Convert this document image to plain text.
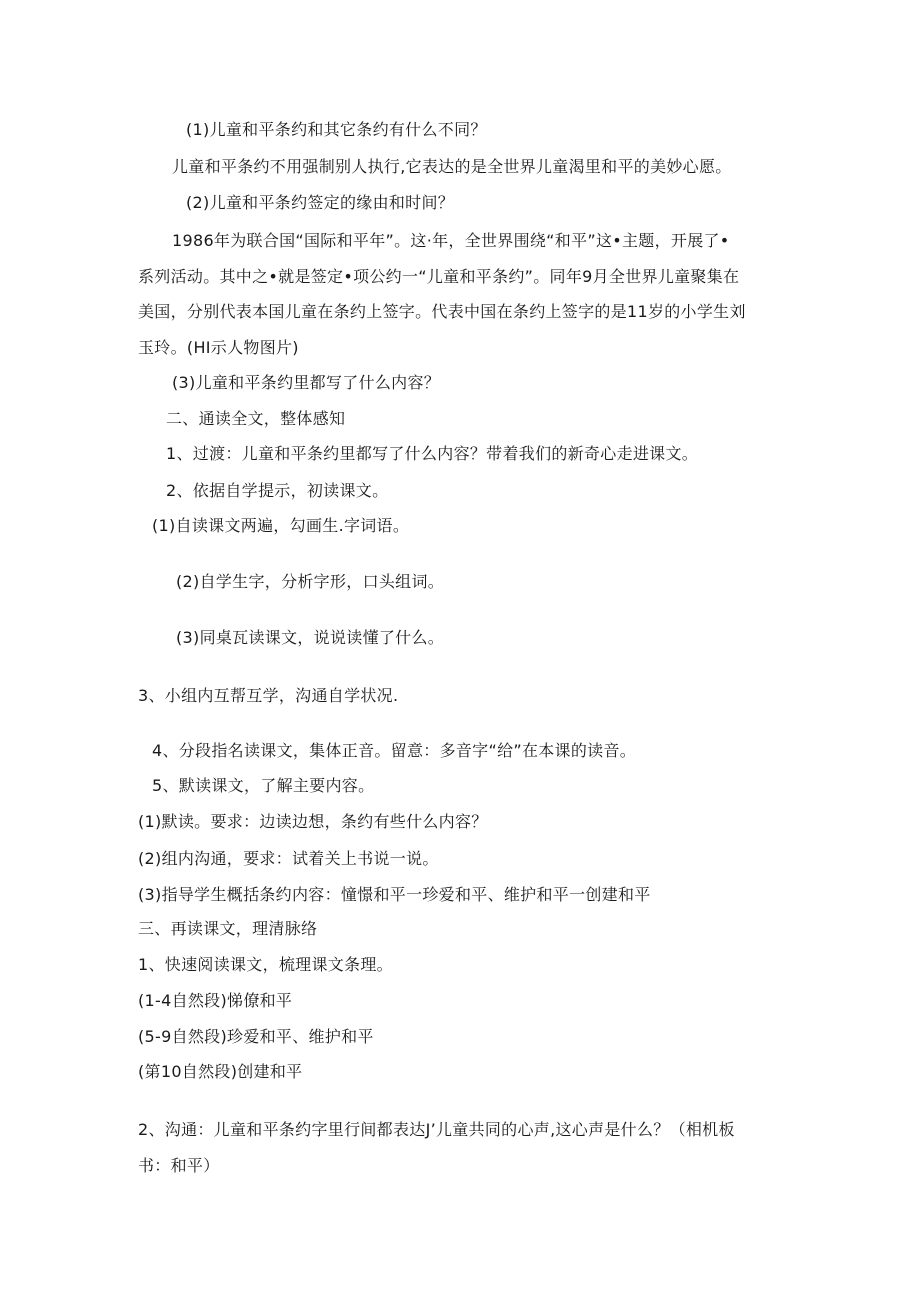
(1)儿童和平条约和其它条约有什么不同？
儿童和平条约不用强制别人执行,它表达的是全世界儿童渴里和平的美妙心愿。
(2)儿童和平条约签定的缘由和时间？
1986年为联合国“国际和平年”。这·年，全世界围绕“和平”这•主题，开展了•
系列活动。其中之•就是签定•项公约一“儿童和平条约”。同年9月全世界儿童聚集在
美国，分别代表本国儿童在条约上签字。代表中国在条约上签字的是11岁的小学生刘
玉玲。(HI示人物图片)
(3)儿童和平条约里都写了什么内容？
二、通读全文，整体感知
1、过渡：儿童和平条约里都写了什么内容？带着我们的新奇心走进课文。
2、依据自学提示，初读课文。
(1)自读课文两遍，勾画生.字词语。
(2)自学生字，分析字形，口头组词。
(3)同桌瓦读课文，说说读懂了什么。
3、小组内互帮互学，沟通自学状况.
4、分段指名读课文，集体正音。留意：多音字“给”在本课的读音。
5、默读课文，了解主要内容。
(1)默读。要求：边读边想，条约有些什么内容？
(2)组内沟通，要求：试着关上书说一说。
(3)指导学生概括条约内容：憧憬和平一珍爱和平、维护和平一创建和平
三、再读课文，理清脉络
1、快速阅读课文，梳理课文条理。
(1-4自然段)悌僚和平
(5-9自然段)珍爱和平、维护和平
(第10自然段)创建和平
2、沟通：儿童和平条约字里行间都表达J’儿童共同的心声,这心声是什么？（相机板
书：和平）
